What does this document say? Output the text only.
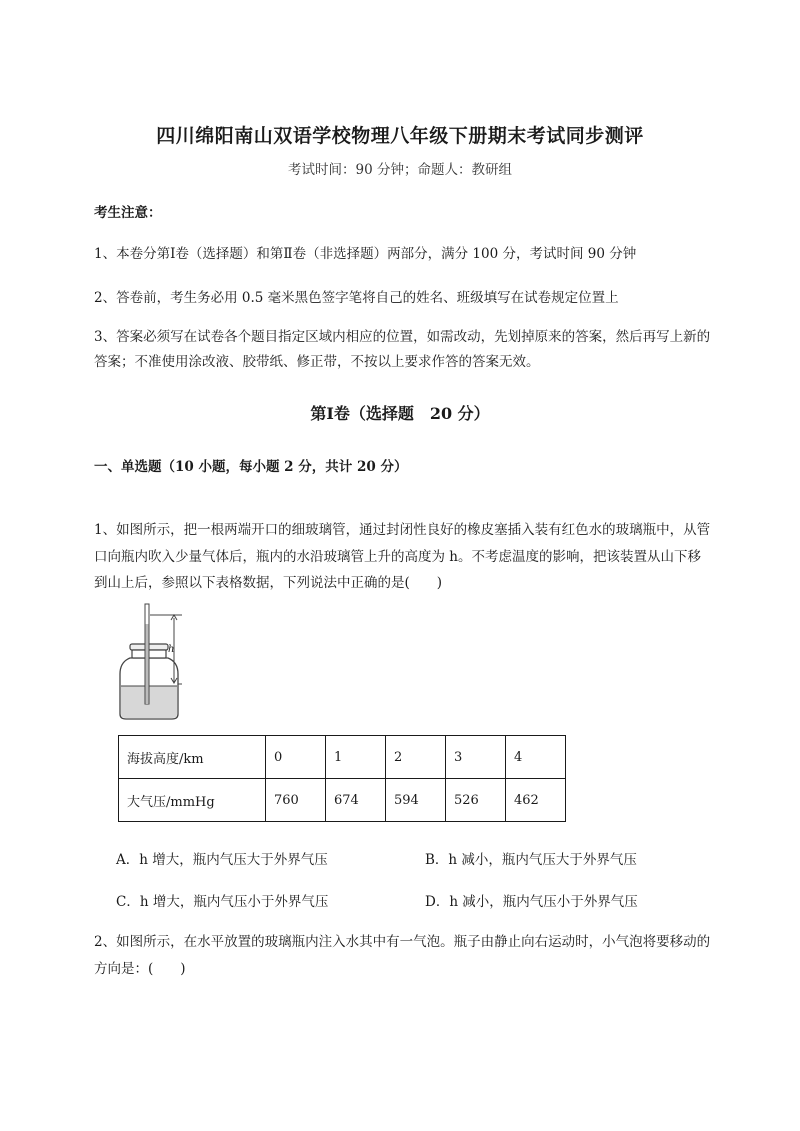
四川绵阳南山双语学校物理八年级下册期末考试同步测评
考试时间：90 分钟；命题人：教研组
考生注意：
1、本卷分第Ⅰ卷（选择题）和第Ⅱ卷（非选择题）两部分，满分 100 分，考试时间 90 分钟
2、答卷前，考生务必用 0.5 毫米黑色签字笔将自己的姓名、班级填写在试卷规定位置上
3、答案必须写在试卷各个题目指定区域内相应的位置，如需改动，先划掉原来的答案，然后再写上新的答案；不准使用涂改液、胶带纸、修正带，不按以上要求作答的答案无效。
第Ⅰ卷（选择题　20 分）
一、单选题（10 小题，每小题 2 分，共计 20 分）
1、如图所示，把一根两端开口的细玻璃管，通过封闭性良好的橡皮塞插入装有红色水的玻璃瓶中，从管口向瓶内吹入少量气体后，瓶内的水沿玻璃管上升的高度为 h。不考虑温度的影响，把该装置从山下移到山上后，参照以下表格数据，下列说法中正确的是(　　)
h
海拔高度/km	0	1	2	3	4
大气压/mmHg	760	674	594	526	462
A．h 增大，瓶内气压大于外界气压	B．h 减小，瓶内气压大于外界气压
C．h 增大，瓶内气压小于外界气压	D．h 减小，瓶内气压小于外界气压
2、如图所示，在水平放置的玻璃瓶内注入水其中有一气泡。瓶子由静止向右运动时，小气泡将要移动的方向是：(　　)
